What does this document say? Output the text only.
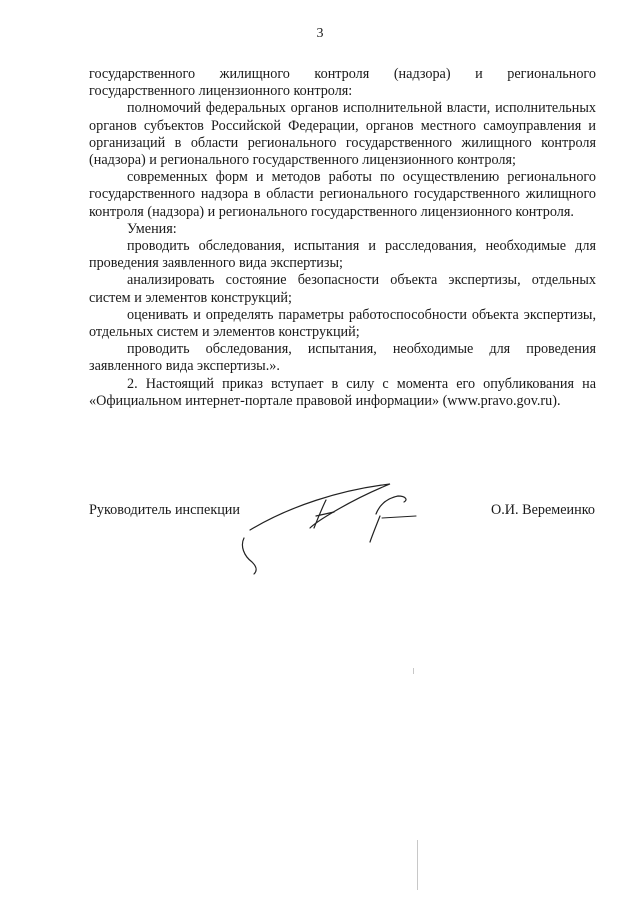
3

государственного жилищного контроля (надзора) и регионального государственного лицензионного контроля:

полномочий федеральных органов исполнительной власти, исполнительных органов субъектов Российской Федерации, органов местного самоуправления и организаций в области регионального государственного жилищного контроля (надзора) и регионального государственного лицензионного контроля;

современных форм и методов работы по осуществлению регионального государственного надзора в области регионального государственного жилищного контроля (надзора) и регионального государственного лицензионного контроля.

Умения:

проводить обследования, испытания и расследования, необходимые для проведения заявленного вида экспертизы;

анализировать состояние безопасности объекта экспертизы, отдельных систем и элементов конструкций;

оценивать и определять параметры работоспособности объекта экспертизы, отдельных систем и элементов конструкций;

проводить обследования, испытания, необходимые для проведения заявленного вида экспертизы.».

2. Настоящий приказ вступает в силу с момента его опубликования на «Официальном интернет-портале правовой информации» (www.pravo.gov.ru).

Руководитель инспекции	О.И. Веремеинко
